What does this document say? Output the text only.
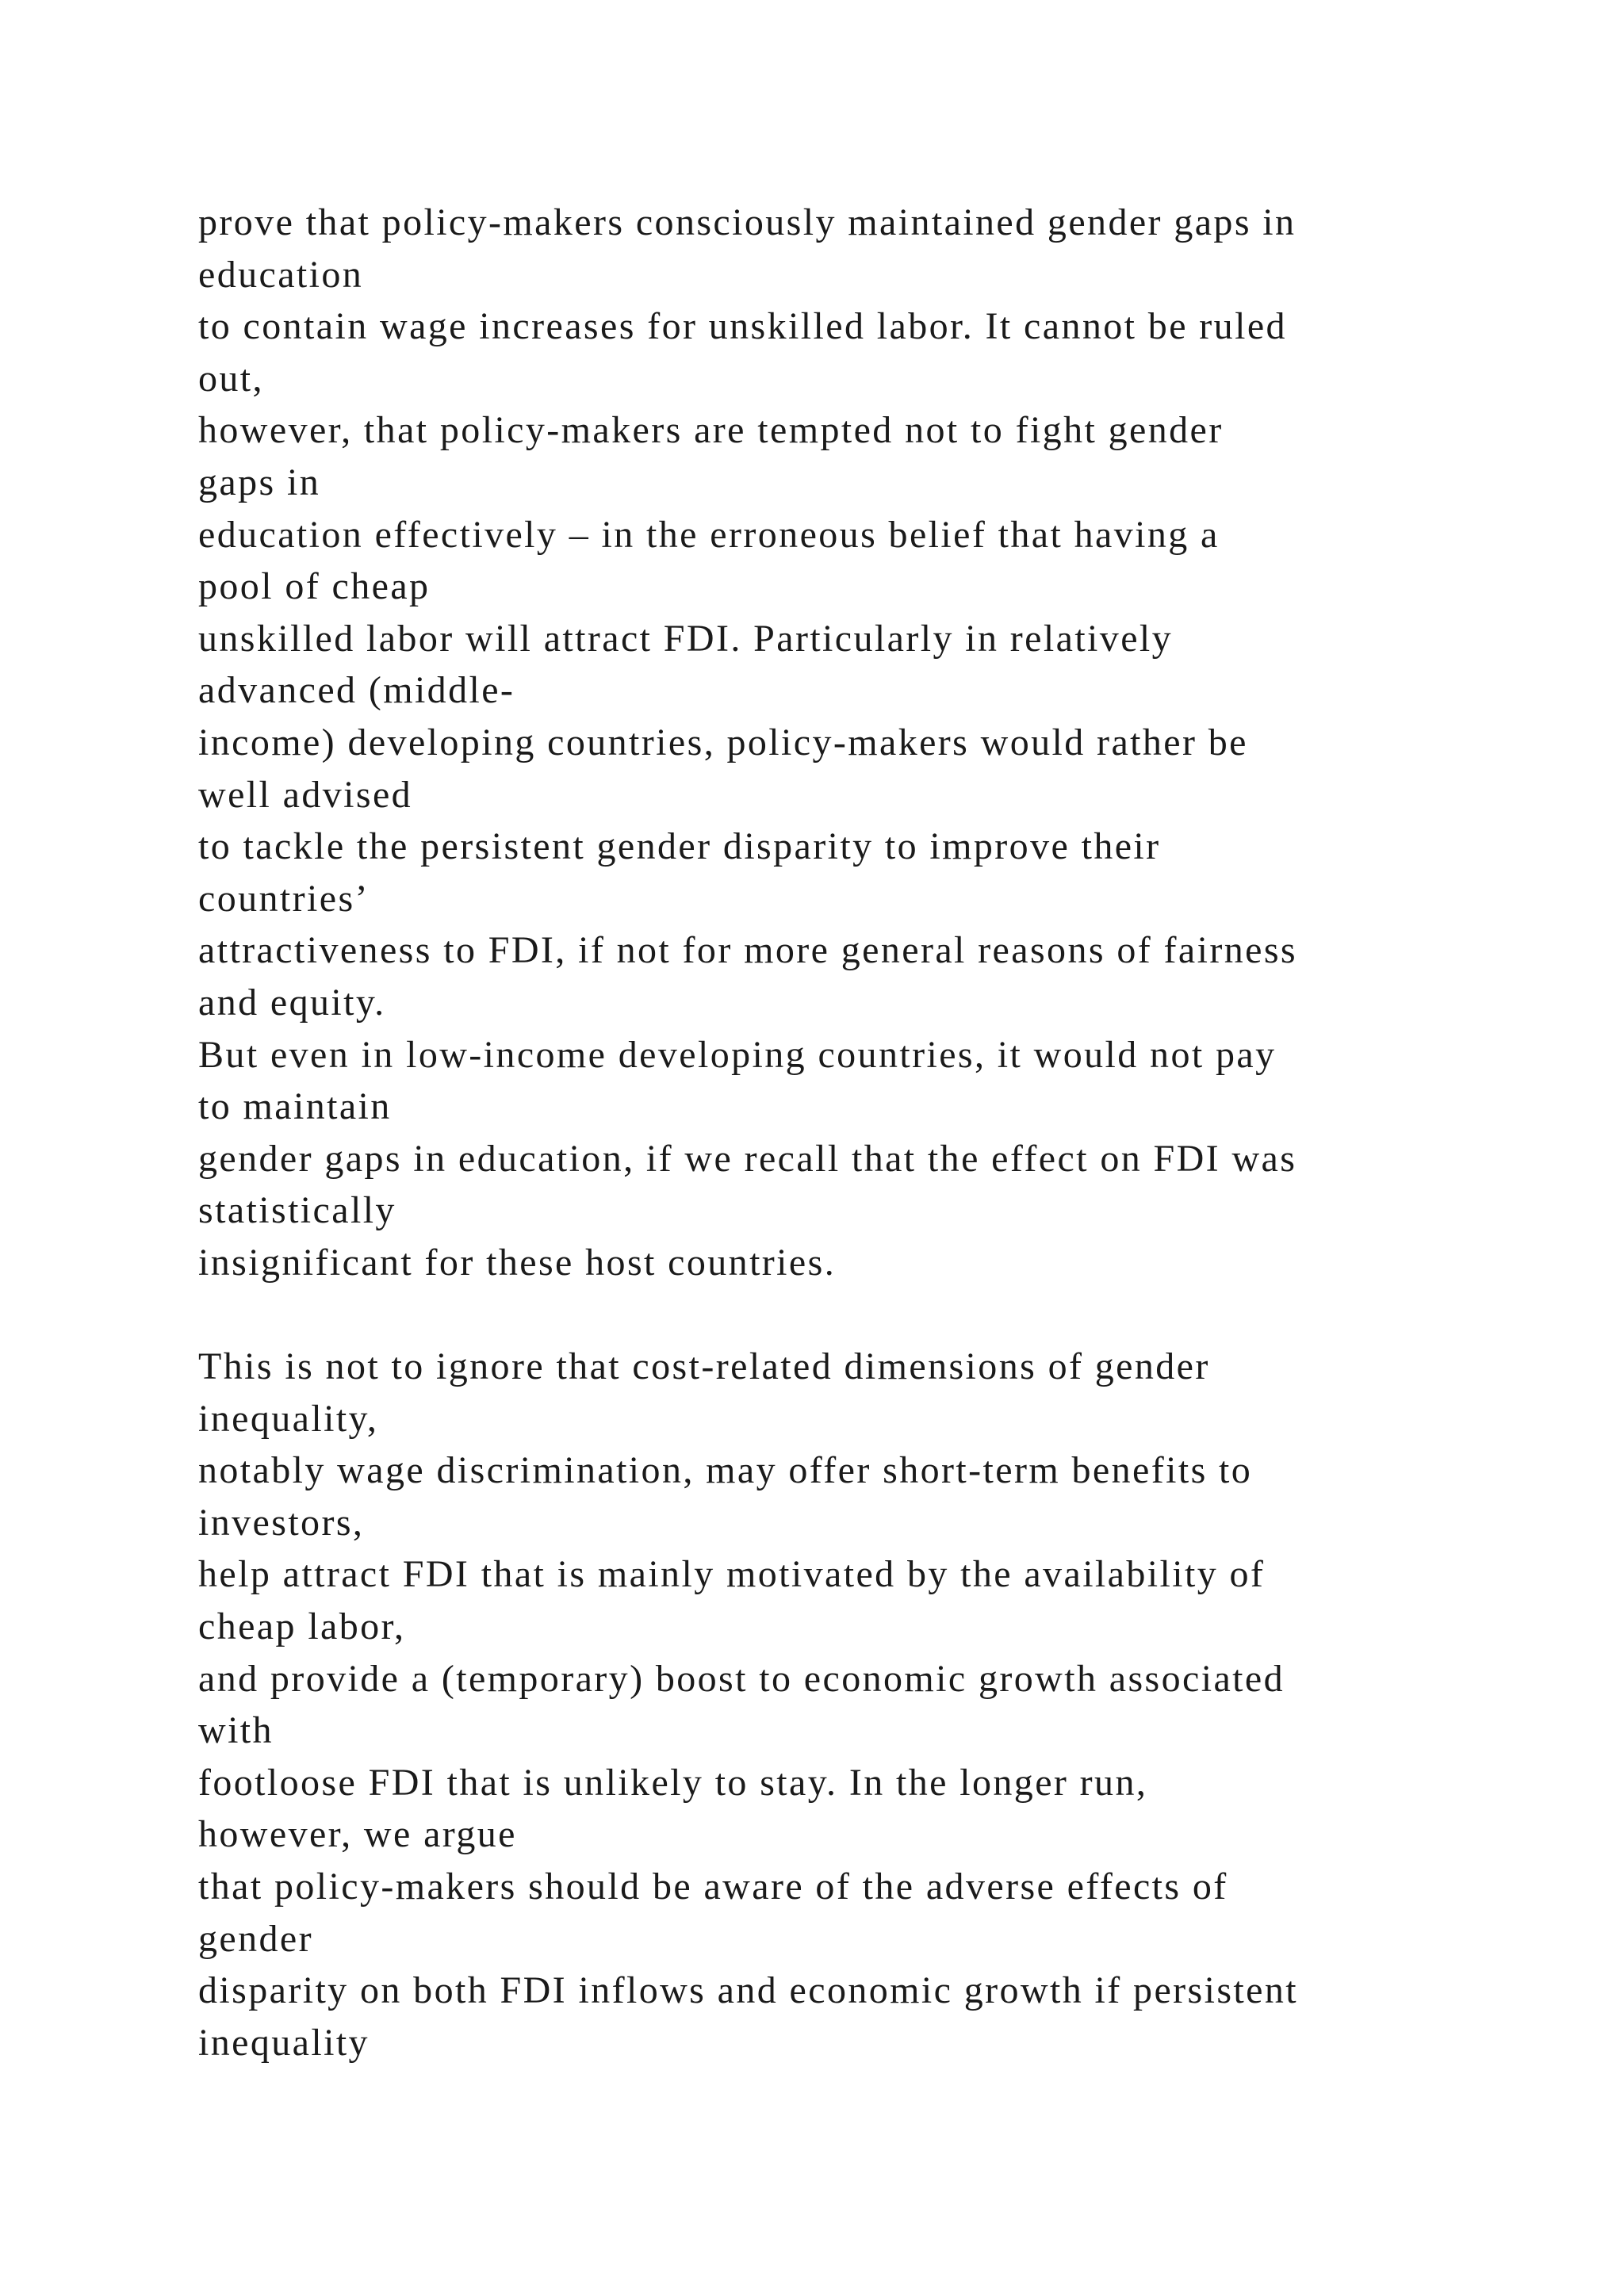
prove that policy-makers consciously maintained gender gaps in
education
to contain wage increases for unskilled labor. It cannot be ruled
out,
however, that policy-makers are tempted not to fight gender
gaps in
education effectively – in the erroneous belief that having a
pool of cheap
unskilled labor will attract FDI. Particularly in relatively
advanced (middle-
income) developing countries, policy-makers would rather be
well advised
to tackle the persistent gender disparity to improve their
countries’
attractiveness to FDI, if not for more general reasons of fairness
and equity.
But even in low-income developing countries, it would not pay
to maintain
gender gaps in education, if we recall that the effect on FDI was
statistically
insignificant for these host countries.
This is not to ignore that cost-related dimensions of gender
inequality,
notably wage discrimination, may offer short-term benefits to
investors,
help attract FDI that is mainly motivated by the availability of
cheap labor,
and provide a (temporary) boost to economic growth associated
with
footloose FDI that is unlikely to stay. In the longer run,
however, we argue
that policy-makers should be aware of the adverse effects of
gender
disparity on both FDI inflows and economic growth if persistent
inequality
